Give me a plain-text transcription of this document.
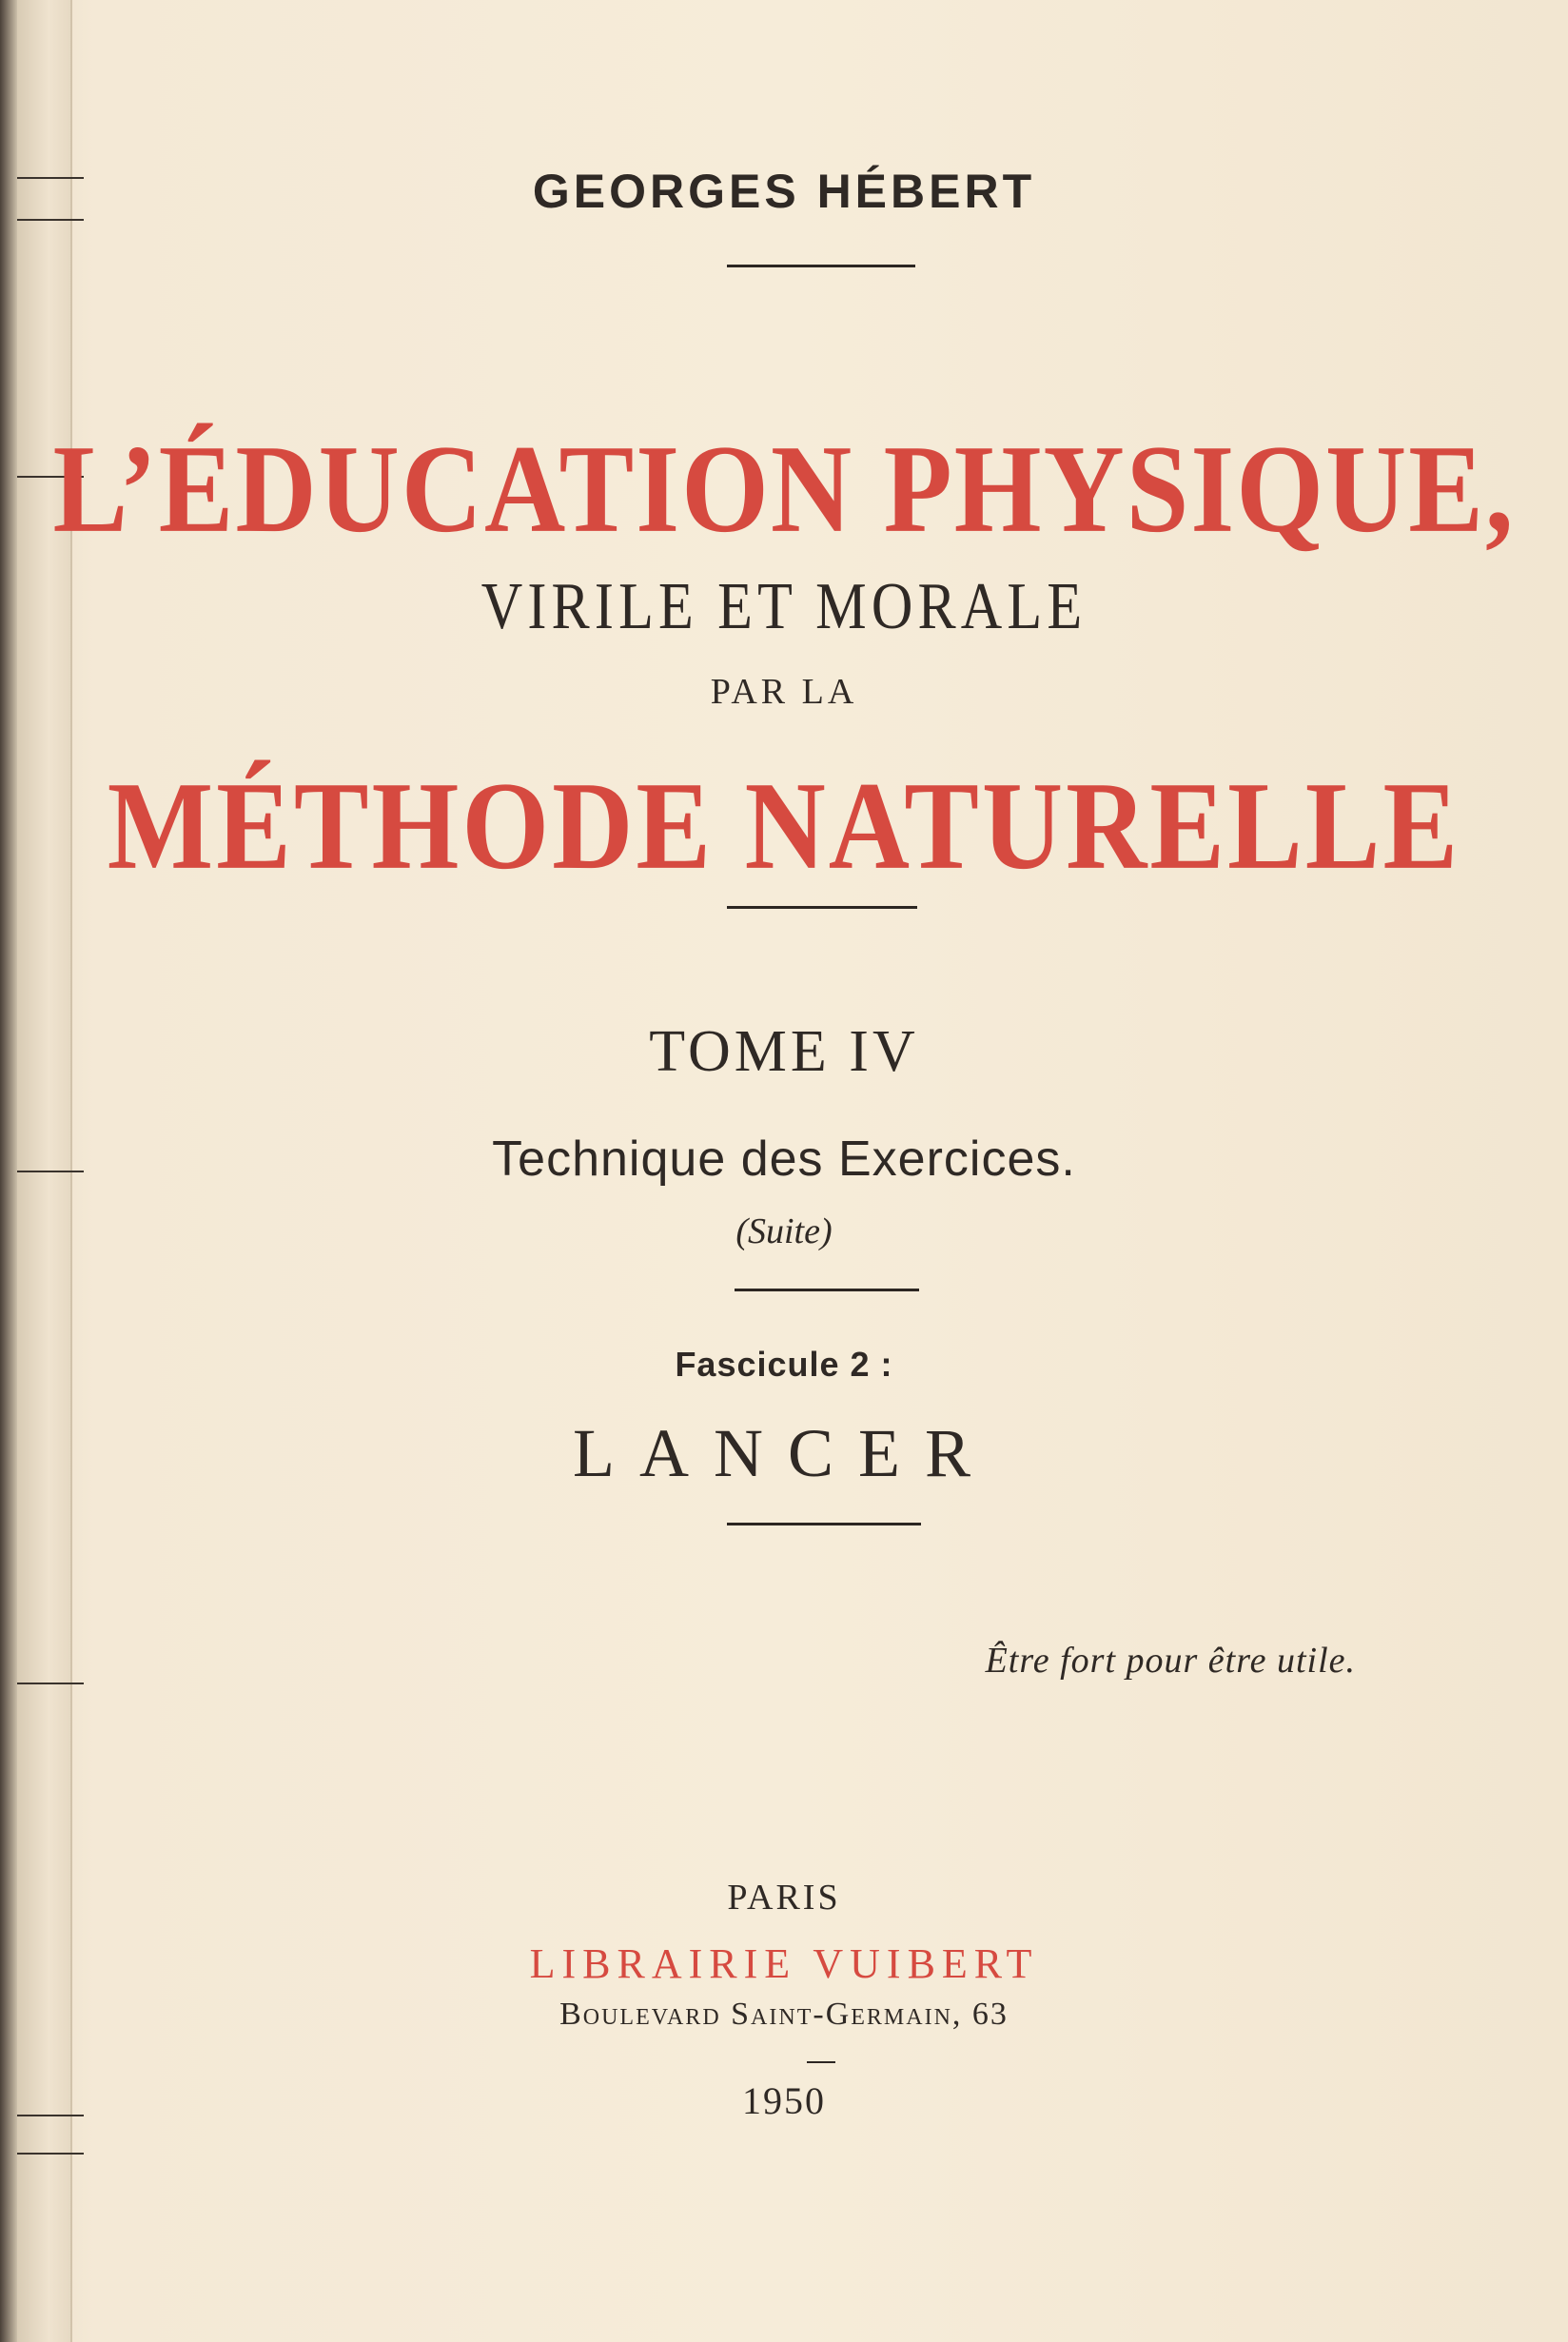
GEORGES HÉBERT
L’ÉDUCATION PHYSIQUE,
VIRILE ET MORALE
PAR LA
MÉTHODE NATURELLE
TOME IV
Technique des Exercices.
(Suite)
Fascicule 2 :
LANCER
Être fort pour être utile.
PARIS
LIBRAIRIE VUIBERT
Boulevard Saint-Germain, 63
1950
